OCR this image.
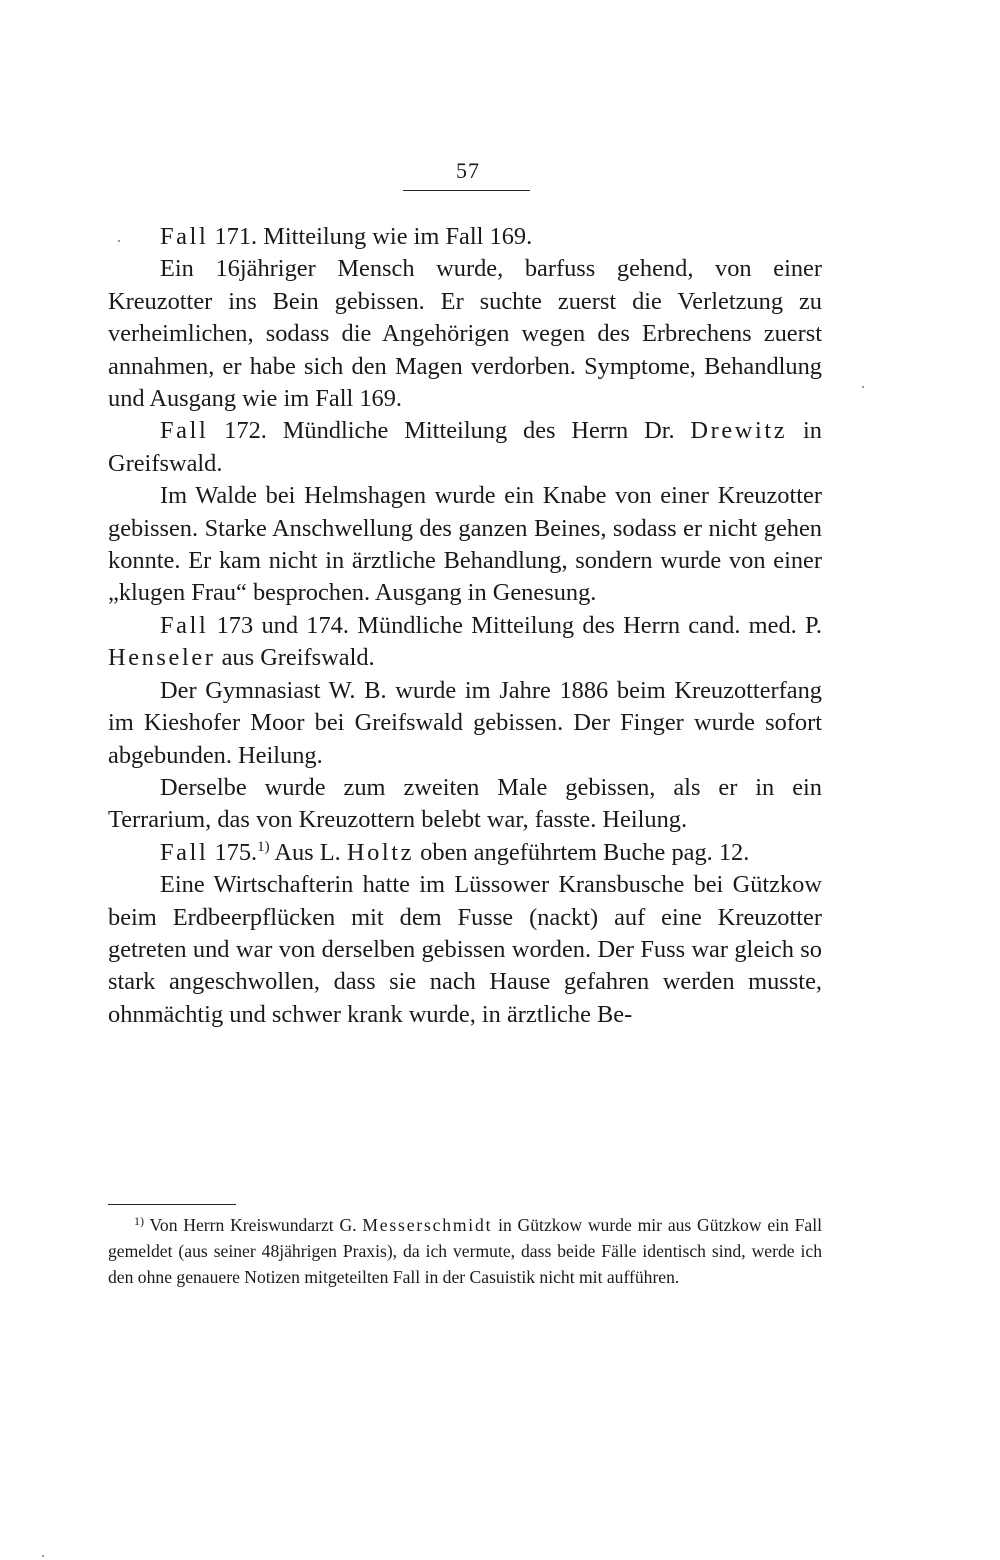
57

Fall 171. Mitteilung wie im Fall 169.

Ein 16jähriger Mensch wurde, barfuss gehend, von einer Kreuzotter ins Bein gebissen. Er suchte zuerst die Verletzung zu verheimlichen, sodass die Angehörigen wegen des Erbrechens zuerst annahmen, er habe sich den Magen verdorben. Symptome, Behandlung und Ausgang wie im Fall 169.

Fall 172. Mündliche Mitteilung des Herrn Dr. Drewitz in Greifswald.

Im Walde bei Helmshagen wurde ein Knabe von einer Kreuzotter gebissen. Starke Anschwellung des ganzen Beines, sodass er nicht gehen konnte. Er kam nicht in ärztliche Behandlung, sondern wurde von einer „klugen Frau“ besprochen. Ausgang in Genesung.

Fall 173 und 174. Mündliche Mitteilung des Herrn cand. med. P. Henseler aus Greifswald.

Der Gymnasiast W. B. wurde im Jahre 1886 beim Kreuzotterfang im Kieshofer Moor bei Greifswald gebissen. Der Finger wurde sofort abgebunden. Heilung.

Derselbe wurde zum zweiten Male gebissen, als er in ein Terrarium, das von Kreuzottern belebt war, fasste. Heilung.

Fall 175.$^{1)}$ Aus L. Holtz oben angeführtem Buche pag. 12.

Eine Wirtschafterin hatte im Lüssower Kransbusche bei Gützkow beim Erdbeerpflücken mit dem Fusse (nackt) auf eine Kreuzotter getreten und war von derselben gebissen worden. Der Fuss war gleich so stark angeschwollen, dass sie nach Hause gefahren werden musste, ohnmächtig und schwer krank wurde, in ärztliche Be-

$^{1)}$ Von Herrn Kreiswundarzt G. Messerschmidt in Gützkow wurde mir aus Gützkow ein Fall gemeldet (aus seiner 48jährigen Praxis), da ich vermute, dass beide Fälle identisch sind, werde ich den ohne genauere Notizen mitgeteilten Fall in der Casuistik nicht mit aufführen.
